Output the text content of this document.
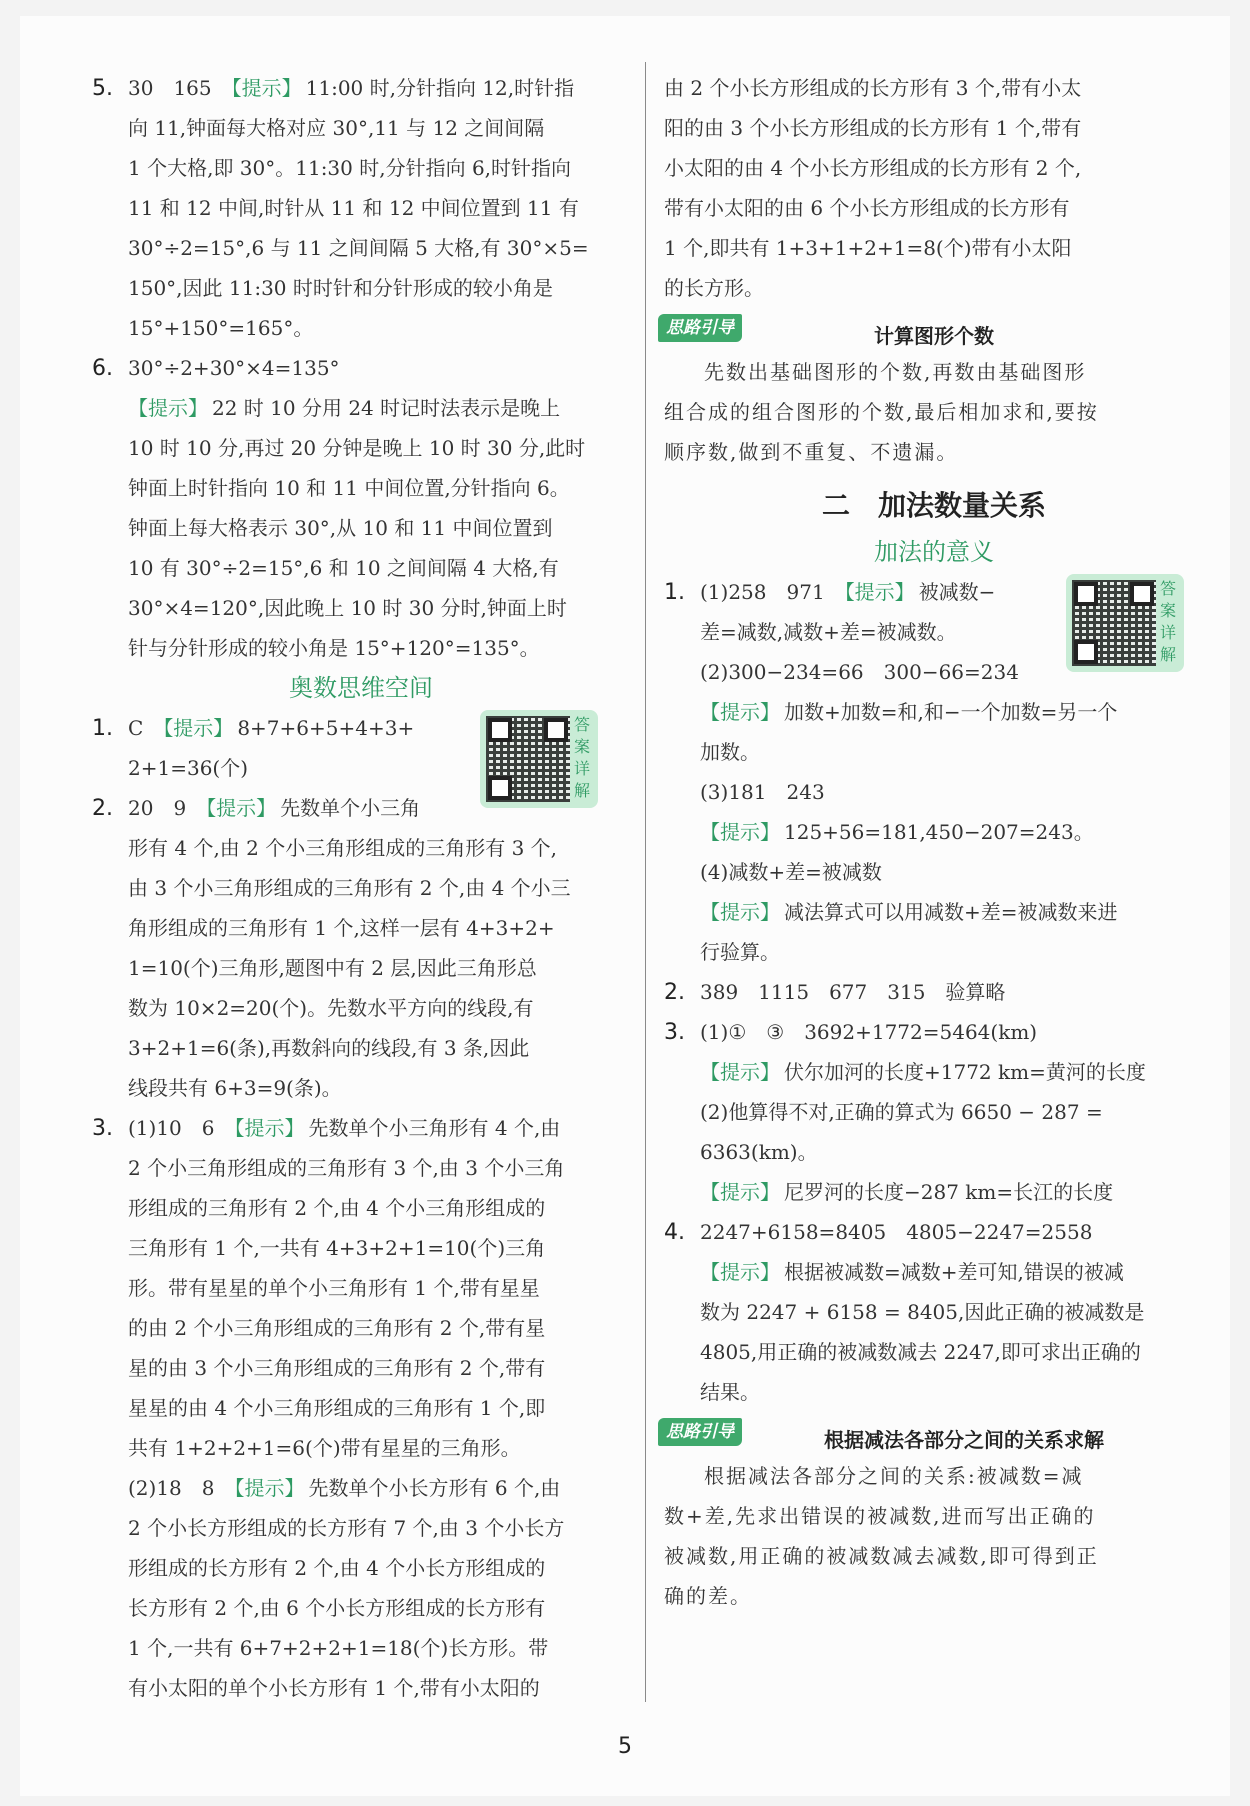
5. 30　165　 【提示】 11:00 时,分针指向 12,时针指
向 11,钟面每大格对应 30°,11 与 12 之间间隔
1 个大格,即 30°。11:30 时,分针指向 6,时针指向
11 和 12 中间,时针从 11 和 12 中间位置到 11 有
30°÷2=15°,6 与 11 之间间隔 5 大格,有 30°×5=
150°,因此 11:30 时时针和分针形成的较小角是
15°+150°=165°。
6. 30°÷2+30°×4=135°
【提示】 22 时 10 分用 24 时记时法表示是晚上
10 时 10 分,再过 20 分钟是晚上 10 时 30 分,此时
钟面上时针指向 10 和 11 中间位置,分针指向 6。
钟面上每大格表示 30°,从 10 和 11 中间位置到
10 有 30°÷2=15°,6 和 10 之间间隔 4 大格,有
30°×4=120°,因此晚上 10 时 30 分时,钟面上时
针与分针形成的较小角是 15°+120°=135°。
奥数思维空间
答
案
详
解
1. C　 【提示】 8+7+6+5+4+3+
2+1=36(个)
2. 20　9　 【提示】 先数单个小三角
形有 4 个,由 2 个小三角形组成的三角形有 3 个,
由 3 个小三角形组成的三角形有 2 个,由 4 个小三
角形组成的三角形有 1 个,这样一层有 4+3+2+
1=10(个)三角形,题图中有 2 层,因此三角形总
数为 10×2=20(个)。先数水平方向的线段,有
3+2+1=6(条),再数斜向的线段,有 3 条,因此
线段共有 6+3=9(条)。
3. (1)10　6　 【提示】 先数单个小三角形有 4 个,由
2 个小三角形组成的三角形有 3 个,由 3 个小三角
形组成的三角形有 2 个,由 4 个小三角形组成的
三角形有 1 个,一共有 4+3+2+1=10(个)三角
形。带有星星的单个小三角形有 1 个,带有星星
的由 2 个小三角形组成的三角形有 2 个,带有星
星的由 3 个小三角形组成的三角形有 2 个,带有
星星的由 4 个小三角形组成的三角形有 1 个,即
共有 1+2+2+1=6(个)带有星星的三角形。
(2)18　8　 【提示】 先数单个小长方形有 6 个,由
2 个小长方形组成的长方形有 7 个,由 3 个小长方
形组成的长方形有 2 个,由 4 个小长方形组成的
长方形有 2 个,由 6 个小长方形组成的长方形有
1 个,一共有 6+7+2+2+1=18(个)长方形。带
有小太阳的单个小长方形有 1 个,带有小太阳的
由 2 个小长方形组成的长方形有 3 个,带有小太
阳的由 3 个小长方形组成的长方形有 1 个,带有
小太阳的由 4 个小长方形组成的长方形有 2 个,
带有小太阳的由 6 个小长方形组成的长方形有
1 个,即共有 1+3+1+2+1=8(个)带有小太阳
的长方形。
思路引导	计算图形个数
先数出基础图形的个数,再数由基础图形
组合成的组合图形的个数,最后相加求和,要按
顺序数,做到不重复、不遗漏。
二　加法数量关系
加法的意义
答
案
详
解
1. (1)258　971　 【提示】 被减数−
差=减数,减数+差=被减数。
(2)300−234=66　300−66=234
【提示】 加数+加数=和,和−一个加数=另一个
加数。
(3)181　243
【提示】 125+56=181,450−207=243。
(4)减数+差=被减数
【提示】 减法算式可以用减数+差=被减数来进
行验算。
2. 389　1115　677　315　验算略
3. (1)①　③　3692+1772=5464(km)
【提示】 伏尔加河的长度+1772 km=黄河的长度
(2)他算得不对,正确的算式为 6650 − 287 =
6363(km)。
【提示】 尼罗河的长度−287 km=长江的长度
4. 2247+6158=8405　4805−2247=2558
【提示】 根据被减数=减数+差可知,错误的被减
数为 2247 + 6158 = 8405,因此正确的被减数是
4805,用正确的被减数减去 2247,即可求出正确的
结果。
思路引导	根据减法各部分之间的关系求解
根据减法各部分之间的关系:被减数=减
数+差,先求出错误的被减数,进而写出正确的
被减数,用正确的被减数减去减数,即可得到正
确的差。
5
